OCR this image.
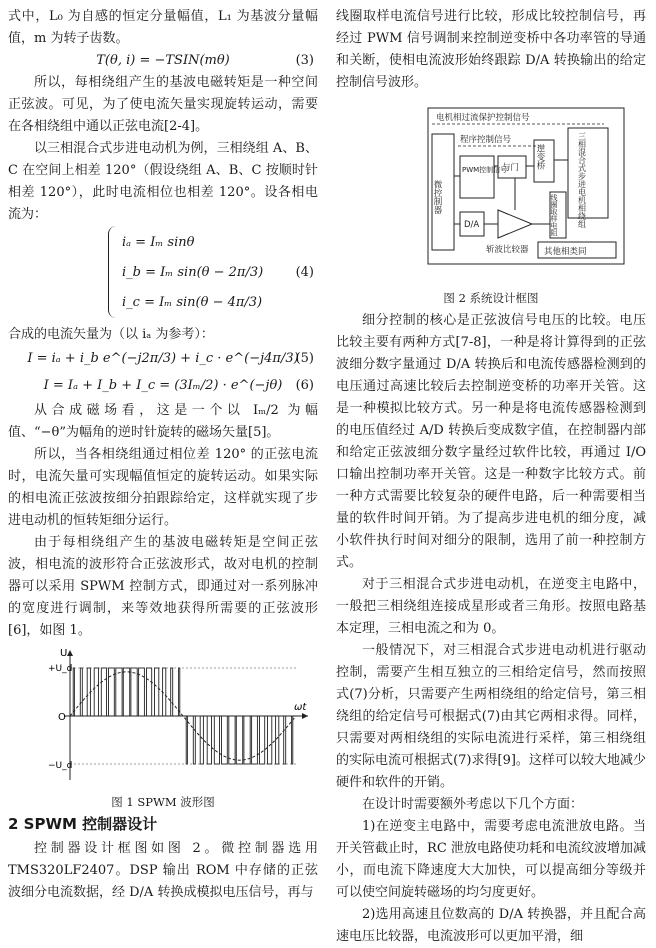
式中，L₀ 为自感的恒定分量幅值，L₁ 为基波分量幅值，m 为转子齿数。

T(θ, i) = −TSIN(mθ)	(3)

所以，每相绕组产生的基波电磁转矩是一种空间正弦波。可见，为了使电流矢量实现旋转运动，需要在各相绕组中通以正弦电流[2-4]。

以三相混合式步进电动机为例，三相绕组 A、B、C 在空间上相差 120°（假设绕组 A、B、C 按顺时针相差 120°），此时电流相位也相差 120°。设各相电流为：

iₐ = Iₘ sinθ
i_b = Iₘ sin(θ − 2π/3)
i_c = Iₘ sin(θ − 4π/3)
(4)

合成的电流矢量为（以 iₐ 为参考）：

I = iₐ + i_b e^(−j2π/3) + i_c · e^(−j4π/3)
(5)
I = Iₐ + I_b + I_c = (3Iₘ/2) · e^(−jθ) (6)

从合成磁场看，这是一个以 Iₘ/2 为幅值、“−θ”为幅角的逆时针旋转的磁场矢量[5]。

所以，当各相绕组通过相位差 120° 的正弦电流时，电流矢量可实现幅值恒定的旋转运动。如果实际的相电流正弦波按细分拍跟踪给定，这样就实现了步进电动机的恒转矩细分运行。

由于每相绕组产生的基波电磁转矩是空间正弦波，相电流的波形符合正弦波形式，故对电机的控制器可以采用 SPWM 控制方式，即通过对一系列脉冲的宽度进行调制，来等效地获得所需要的正弦波形[6]，如图 1。

U
+U_d
O
−U_d
ωt
图 1 SPWM 波形图
2 SPWM 控制器设计

控制器设计框图如图 2。微控制器选用 TMS320LF2407。DSP 输出 ROM 中存储的正弦波细分电流数据，经 D/A 转换成模拟电压信号，再与

线圈取样电流信号进行比较，形成比较控制信号，再经过 PWM 信号调制来控制逆变桥中各功率管的导通和关断，使相电流波形始终跟踪 D/A 转换输出的给定控制信号波形。

电机相过流保护控制信号
程序控制信号
微控制器
PWM控制信号
与门 逆变桥	三相混合式步进电机相绕组
线圈取样电阻
D/A
斩波比较器 其他相类同
图 2 系统设计框图

细分控制的核心是正弦波信号电压的比较。电压比较主要有两种方式[7-8]，一种是将计算得到的正弦波细分数字量通过 D/A 转换后和电流传感器检测到的电压通过高速比较后去控制逆变桥的功率开关管。这是一种模拟比较方式。另一种是将电流传感器检测到的电压值经过 A/D 转换后变成数字值，在控制器内部和给定正弦波细分数字量经过软件比较，再通过 I/O 口输出控制功率开关管。这是一种数字比较方式。前一种方式需要比较复杂的硬件电路，后一种需要相当量的软件时间开销。为了提高步进电机的细分度，减小软件执行时间对细分的限制，选用了前一种控制方式。

对于三相混合式步进电动机，在逆变主电路中，一般把三相绕组连接成星形或者三角形。按照电路基本定理，三相电流之和为 0。

一般情况下，对三相混合式步进电动机进行驱动控制，需要产生相互独立的三相给定信号，然而按照式(7)分析，只需要产生两相绕组的给定信号，第三相绕组的给定信号可根据式(7)由其它两相求得。同样，只需要对两相绕组的实际电流进行采样，第三相绕组的实际电流可根据式(7)求得[9]。这样可以较大地减少硬件和软件的开销。

在设计时需要额外考虑以下几个方面：

1)在逆变主电路中，需要考虑电流泄放电路。当开关管截止时，RC 泄放电路使功耗和电流纹波增加减小，而电流下降速度大大加快，可以提高细分等级并可以使空间旋转磁场的均匀度更好。

2)选用高速且位数高的 D/A 转换器，并且配合高速电压比较器，电流波形可以更加平滑，细
